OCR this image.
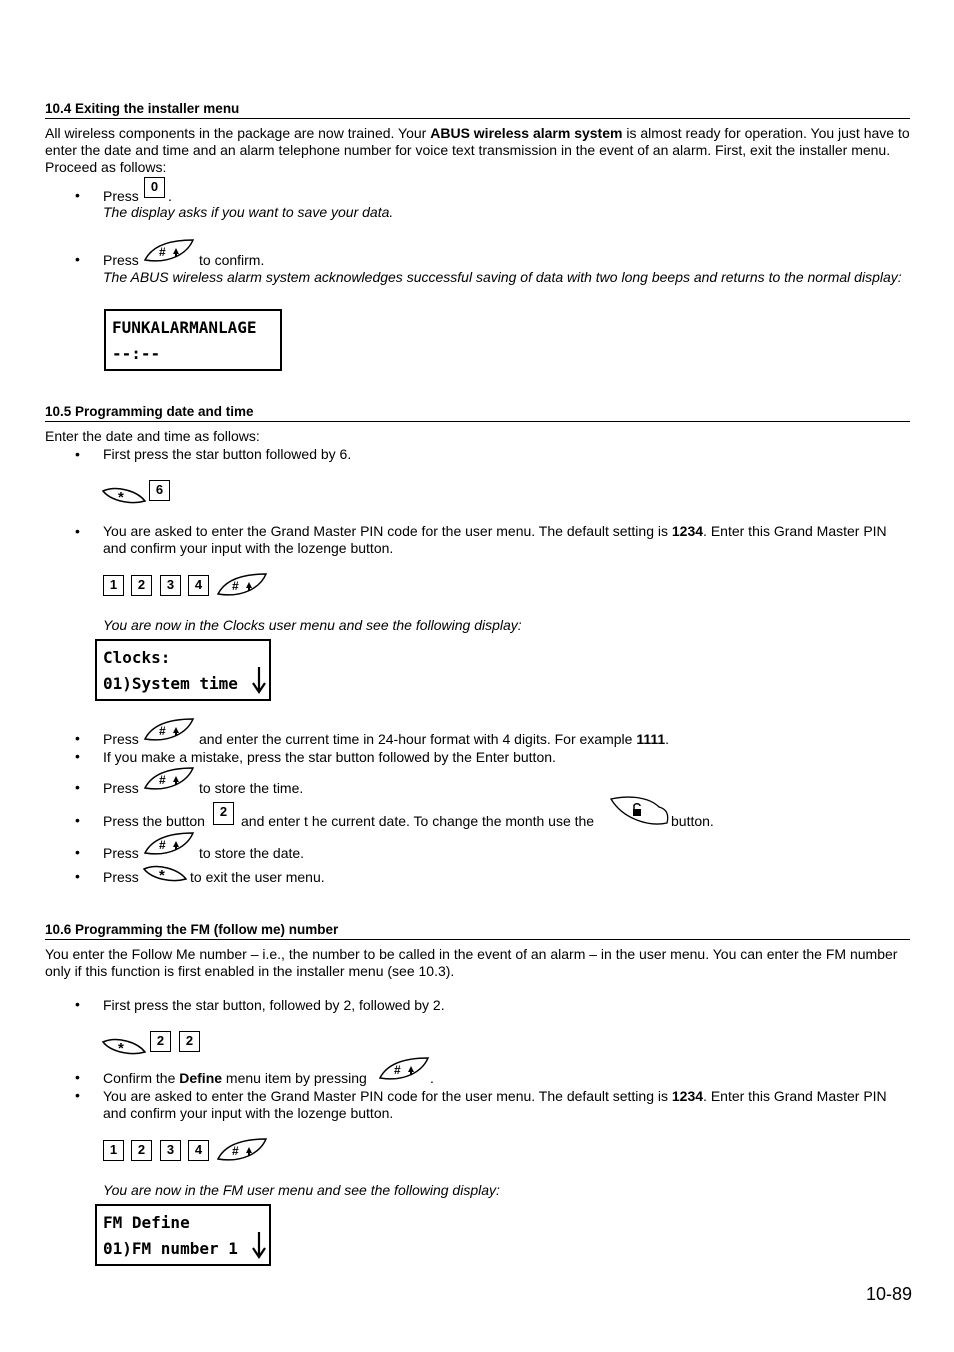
10.4 Exiting the installer menu
All wireless components in the package are now trained. Your ABUS wireless alarm system is almost ready for operation. You just have to enter the date and time and an alarm telephone number for voice text transmission in the event of an alarm. First, exit the installer menu. Proceed as follows:
• Press
0
.
The display asks if you want to save your data.
• Press	to confirm.
The ABUS wireless alarm system acknowledges successful saving of data with two long beeps and returns to the normal display:
FUNKALARMANLAGE
--:--
10.5 Programming date and time
Enter the date and time as follows:
• First press the star button followed by 6.
6
• You are asked to enter the Grand Master PIN code for the user menu. The default setting is 1234. Enter this Grand Master PIN and confirm your input with the lozenge button.
1	2	3	4
You are now in the Clocks user menu and see the following display:
Clocks:
01)System time
• Press	and enter the current time in 24-hour format with 4 digits. For example 1111.
• If you make a mistake, press the star button followed by the Enter button.
• Press	to store the time.
• Press the button
2
and enter t he current date. To change the month use the	button.
• Press	to store the date.
• Press	to exit the user menu.
10.6 Programming the FM (follow me) number
You enter the Follow Me number – i.e., the number to be called in the event of an alarm – in the user menu. You can enter the FM number only if this function is first enabled in the installer menu (see 10.3).
• First press the star button, followed by 2, followed by 2.
2	2
• Confirm the Define menu item by pressing	.
• You are asked to enter the Grand Master PIN code for the user menu. The default setting is 1234. Enter this Grand Master PIN and confirm your input with the lozenge button.
1	2	3	4
You are now in the FM user menu and see the following display:
FM Define
01)FM number 1
10-89
